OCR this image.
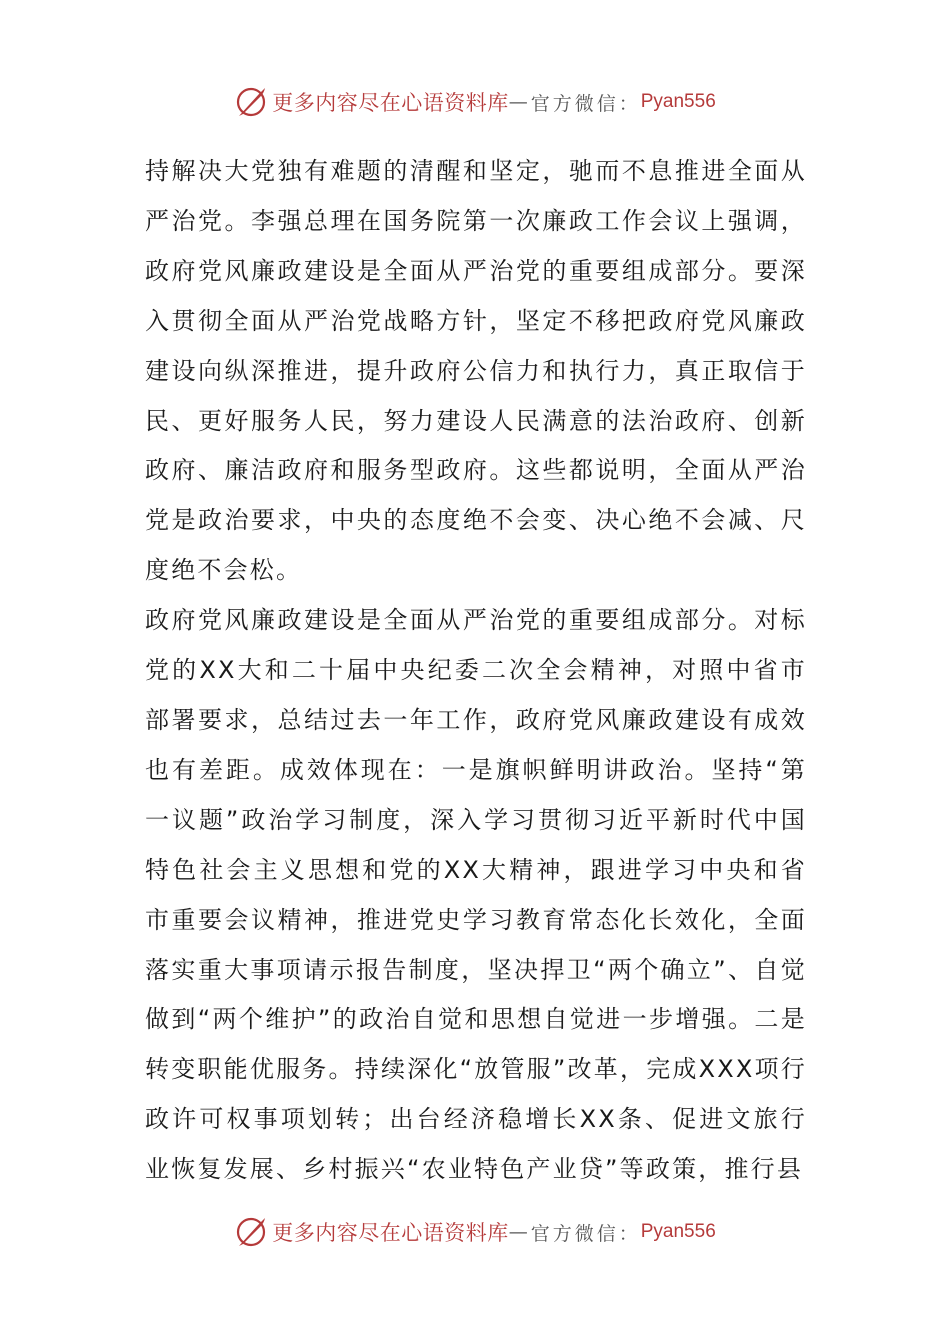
更多内容尽在心语资料库 — 官方微信： Pyan556

持解决大党独有难题的清醒和坚定，驰而不息推进全面从严治党。李强总理在国务院第一次廉政工作会议上强调，政府党风廉政建设是全面从严治党的重要组成部分。要深入贯彻全面从严治党战略方针，坚定不移把政府党风廉政建设向纵深推进，提升政府公信力和执行力，真正取信于民、更好服务人民，努力建设人民满意的法治政府、创新政府、廉洁政府和服务型政府。这些都说明，全面从严治党是政治要求，中央的态度绝不会变、决心绝不会减、尺度绝不会松。

政府党风廉政建设是全面从严治党的重要组成部分。对标党的XX大和二十届中央纪委二次全会精神，对照中省市部署要求，总结过去一年工作，政府党风廉政建设有成效也有差距。成效体现在：一是旗帜鲜明讲政治。坚持“第一议题”政治学习制度，深入学习贯彻习近平新时代中国特色社会主义思想和党的XX大精神，跟进学习中央和省市重要会议精神，推进党史学习教育常态化长效化，全面落实重大事项请示报告制度，坚决捍卫“两个确立”、自觉做到“两个维护”的政治自觉和思想自觉进一步增强。二是转变职能优服务。持续深化“放管服”改革，完成XXX项行政许可权事项划转；出台经济稳增长XX条、促进文旅行业恢复发展、乡村振兴“农业特色产业贷”等政策，推行县

更多内容尽在心语资料库 — 官方微信： Pyan556
